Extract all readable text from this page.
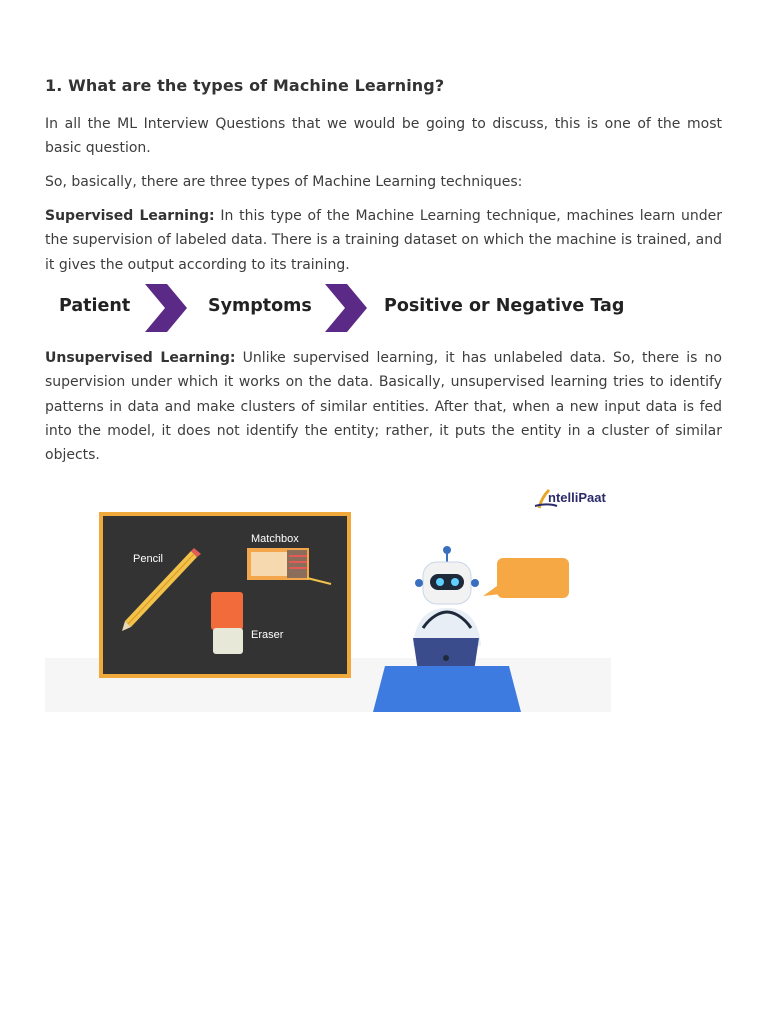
1. What are the types of Machine Learning?

In all the ML Interview Questions that we would be going to discuss, this is one of the most basic question.

So, basically, there are three types of Machine Learning techniques:

Supervised Learning: In this type of the Machine Learning technique, machines learn under the supervision of labeled data. There is a training dataset on which the machine is trained, and it gives the output according to its training.

Patient	Symptoms	Positive or Negative Tag

Unsupervised Learning: Unlike supervised learning, it has unlabeled data. So, there is no supervision under which it works on the data. Basically, unsupervised learning tries to identify patterns in data and make clusters of similar entities. After that, when a new input data is fed into the model, it does not identify the entity; rather, it puts the entity in a cluster of similar objects.

ntelliPaat
Pencil
Matchbox
Eraser
